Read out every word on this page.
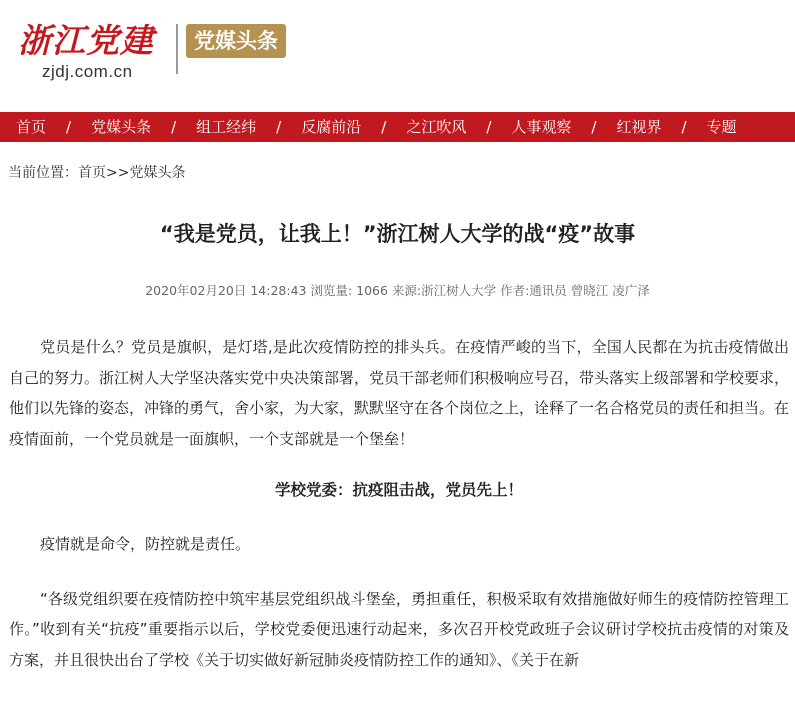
浙江党建
zjdj.com.cn
党媒头条
首页 / 党媒头条 / 组工经纬 / 反腐前沿 / 之江吹风 / 人事观察 / 红视界 / 专题
当前位置：首页>>党媒头条
“我是党员，让我上！”浙江树人大学的战“疫”故事
2020年02月20日 14:28:43 浏览量: 1066 来源:浙江树人大学 作者:通讯员 曾晓江 凌广泽

党员是什么？党员是旗帜，是灯塔,是此次疫情防控的排头兵。在疫情严峻的当下，全国人民都在为抗击疫情做出自己的努力。浙江树人大学坚决落实党中央决策部署，党员干部老师们积极响应号召，带头落实上级部署和学校要求，他们以先锋的姿态，冲锋的勇气，舍小家，为大家，默默坚守在各个岗位之上，诠释了一名合格党员的责任和担当。在疫情面前，一个党员就是一面旗帜，一个支部就是一个堡垒！

学校党委：抗疫阻击战，党员先上！

疫情就是命令，防控就是责任。

“各级党组织要在疫情防控中筑牢基层党组织战斗堡垒，勇担重任，积极采取有效措施做好师生的疫情防控管理工作。”收到有关“抗疫”重要指示以后，学校党委便迅速行动起来，多次召开校党政班子会议研讨学校抗击疫情的对策及方案，并且很快出台了学校《关于切实做好新冠肺炎疫情防控工作的通知》、《关于在新
